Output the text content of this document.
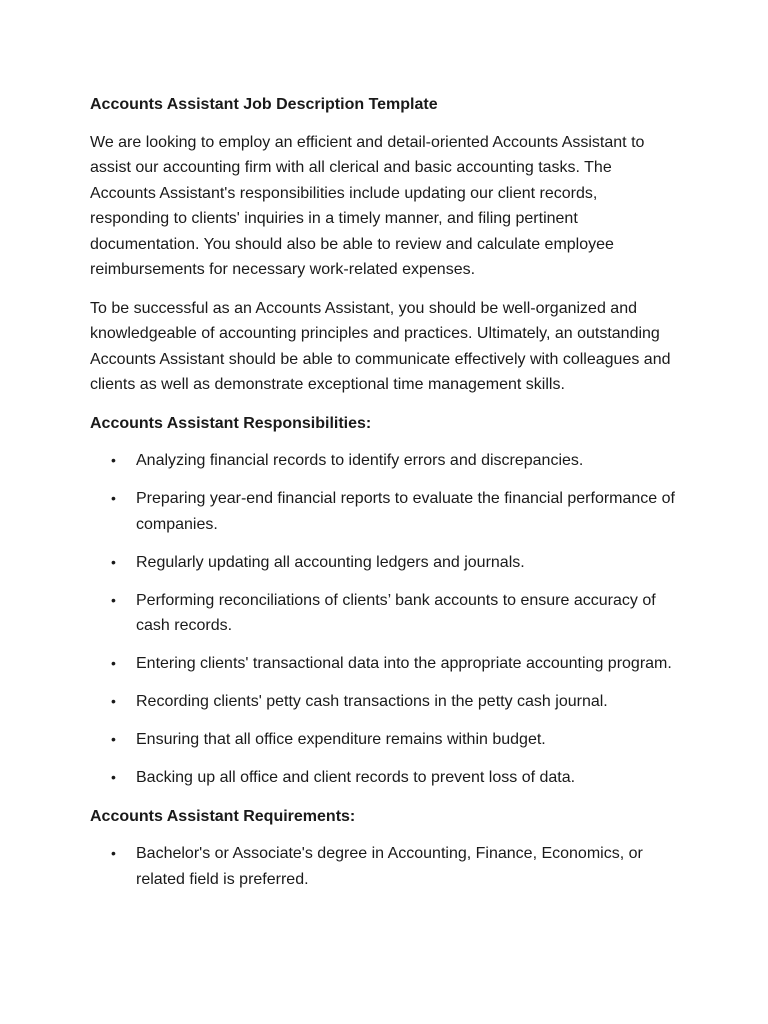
Accounts Assistant Job Description Template

We are looking to employ an efficient and detail-oriented Accounts Assistant to assist our accounting firm with all clerical and basic accounting tasks. The Accounts Assistant's responsibilities include updating our client records, responding to clients' inquiries in a timely manner, and filing pertinent documentation. You should also be able to review and calculate employee reimbursements for necessary work-related expenses.

To be successful as an Accounts Assistant, you should be well-organized and knowledgeable of accounting principles and practices. Ultimately, an outstanding Accounts Assistant should be able to communicate effectively with colleagues and clients as well as demonstrate exceptional time management skills.

Accounts Assistant Responsibilities:
• Analyzing financial records to identify errors and discrepancies.
• Preparing year-end financial reports to evaluate the financial performance of companies.
• Regularly updating all accounting ledgers and journals.
• Performing reconciliations of clients’ bank accounts to ensure accuracy of cash records.
• Entering clients' transactional data into the appropriate accounting program.
• Recording clients' petty cash transactions in the petty cash journal.
• Ensuring that all office expenditure remains within budget.
• Backing up all office and client records to prevent loss of data.
Accounts Assistant Requirements:
• Bachelor's or Associate's degree in Accounting, Finance, Economics, or related field is preferred.
